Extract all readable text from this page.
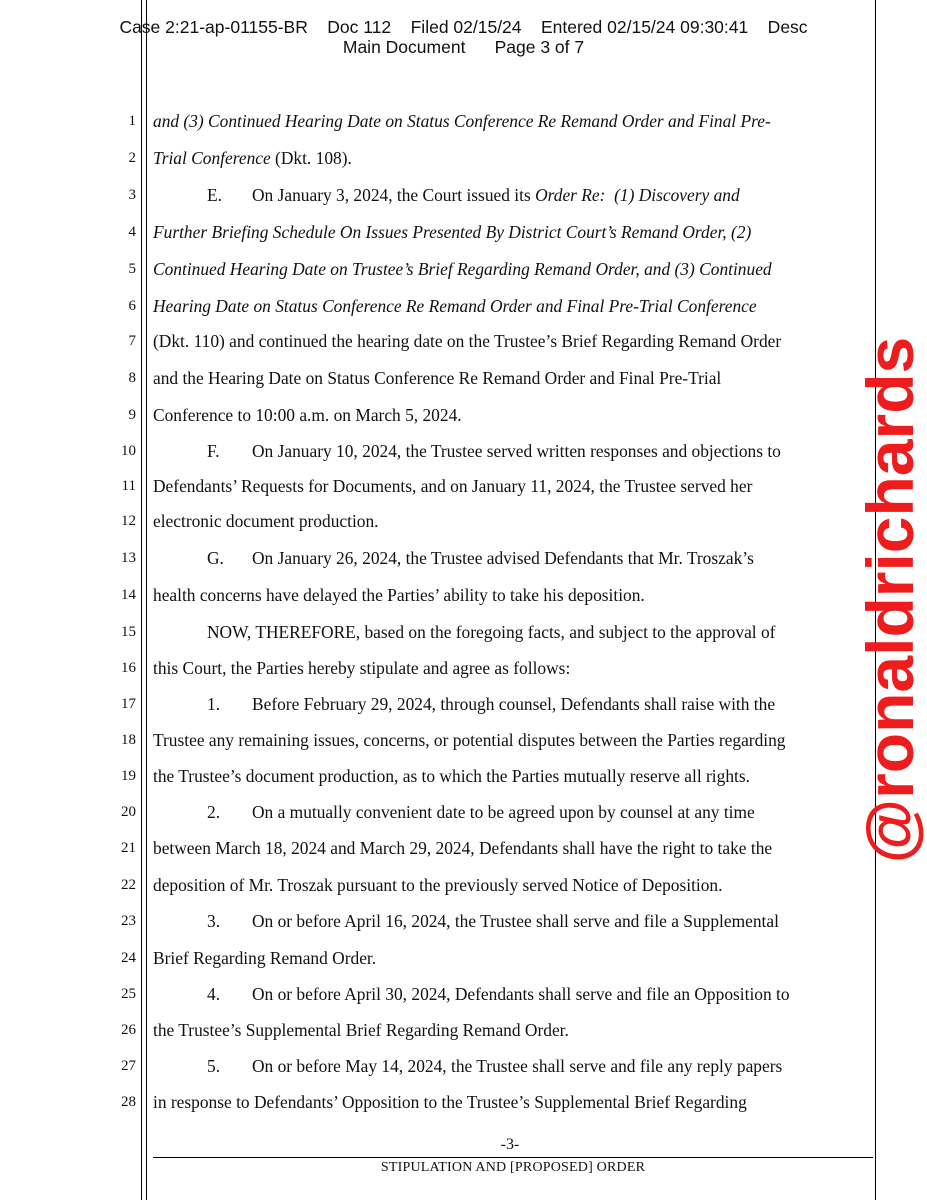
Case 2:21-ap-01155-BR    Doc 112    Filed 02/15/24    Entered 02/15/24 09:30:41    Desc
Main Document      Page 3 of 7
1
2
3
4
5
6
7
8
9
10
11
12
13
14
15
16
17
18
19
20
21
22
23
24
25
26
27
28
and (3) Continued Hearing Date on Status Conference Re Remand Order and Final Pre-
Trial Conference (Dkt. 108).
E. On January 3, 2024, the Court issued its Order Re:  (1) Discovery and
Further Briefing Schedule On Issues Presented By District Court’s Remand Order, (2)
Continued Hearing Date on Trustee’s Brief Regarding Remand Order, and (3) Continued
Hearing Date on Status Conference Re Remand Order and Final Pre-Trial Conference
(Dkt. 110) and continued the hearing date on the Trustee’s Brief Regarding Remand Order
and the Hearing Date on Status Conference Re Remand Order and Final Pre-Trial
Conference to 10:00 a.m. on March 5, 2024.
F. On January 10, 2024, the Trustee served written responses and objections to
Defendants’ Requests for Documents, and on January 11, 2024, the Trustee served her
electronic document production.
G. On January 26, 2024, the Trustee advised Defendants that Mr. Troszak’s
health concerns have delayed the Parties’ ability to take his deposition.
NOW, THEREFORE, based on the foregoing facts, and subject to the approval of
this Court, the Parties hereby stipulate and agree as follows:
1. Before February 29, 2024, through counsel, Defendants shall raise with the
Trustee any remaining issues, concerns, or potential disputes between the Parties regarding
the Trustee’s document production, as to which the Parties mutually reserve all rights.
2. On a mutually convenient date to be agreed upon by counsel at any time
between March 18, 2024 and March 29, 2024, Defendants shall have the right to take the
deposition of Mr. Troszak pursuant to the previously served Notice of Deposition.
3. On or before April 16, 2024, the Trustee shall serve and file a Supplemental
Brief Regarding Remand Order.
4. On or before April 30, 2024, Defendants shall serve and file an Opposition to
the Trustee’s Supplemental Brief Regarding Remand Order.
5. On or before May 14, 2024, the Trustee shall serve and file any reply papers
in response to Defendants’ Opposition to the Trustee’s Supplemental Brief Regarding
@ronaldrichards
-3-
STIPULATION AND [PROPOSED] ORDER
